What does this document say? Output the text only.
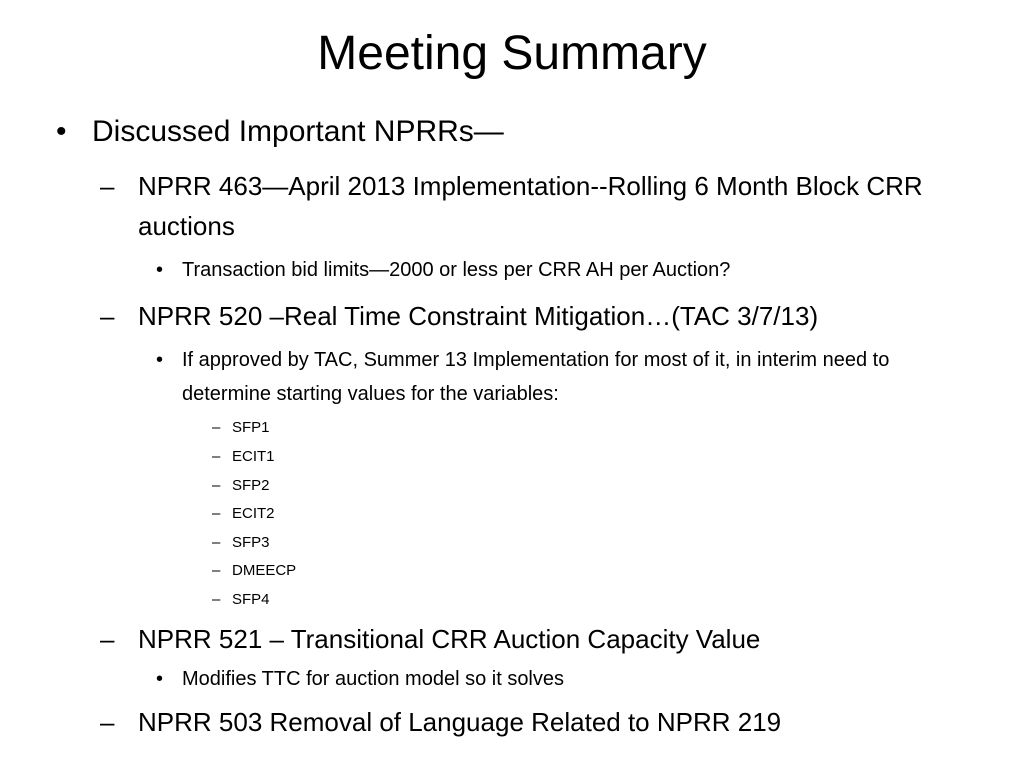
Meeting Summary
• Discussed Important NPRRs—
– NPRR 463—April 2013 Implementation--Rolling 6 Month Block CRR auctions
• Transaction bid limits—2000 or less per CRR AH per Auction?
– NPRR 520 –Real Time Constraint Mitigation…(TAC 3/7/13)
• If approved by TAC, Summer 13 Implementation for most of it, in interim need to determine starting values for the variables:
– SFP1
– ECIT1
– SFP2
– ECIT2
– SFP3
– DMEECP
– SFP4
– NPRR 521 – Transitional CRR Auction Capacity Value
• Modifies TTC for auction model so it solves
– NPRR 503 Removal of Language Related to NPRR 219
